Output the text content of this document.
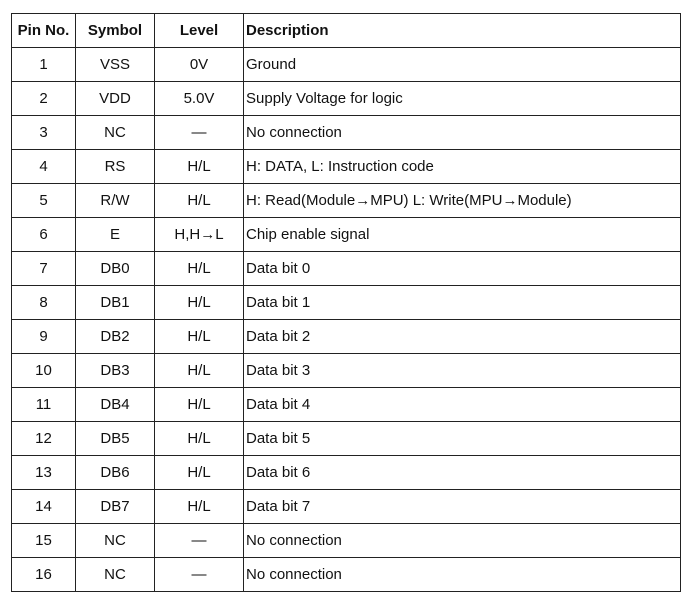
Pin No.	Symbol	Level	Description
1	VSS	0V	Ground
2	VDD	5.0V	Supply Voltage for logic
3	NC	—	No connection
4	RS	H/L	H: DATA, L: Instruction code
5	R/W	H/L	H: Read(Module→MPU) L: Write(MPU→Module)
6	E	H,H→L	Chip enable signal
7	DB0	H/L	Data bit 0
8	DB1	H/L	Data bit 1
9	DB2	H/L	Data bit 2
10	DB3	H/L	Data bit 3
11	DB4	H/L	Data bit 4
12	DB5	H/L	Data bit 5
13	DB6	H/L	Data bit 6
14	DB7	H/L	Data bit 7
15	NC	—	No connection
16	NC	—	No connection
